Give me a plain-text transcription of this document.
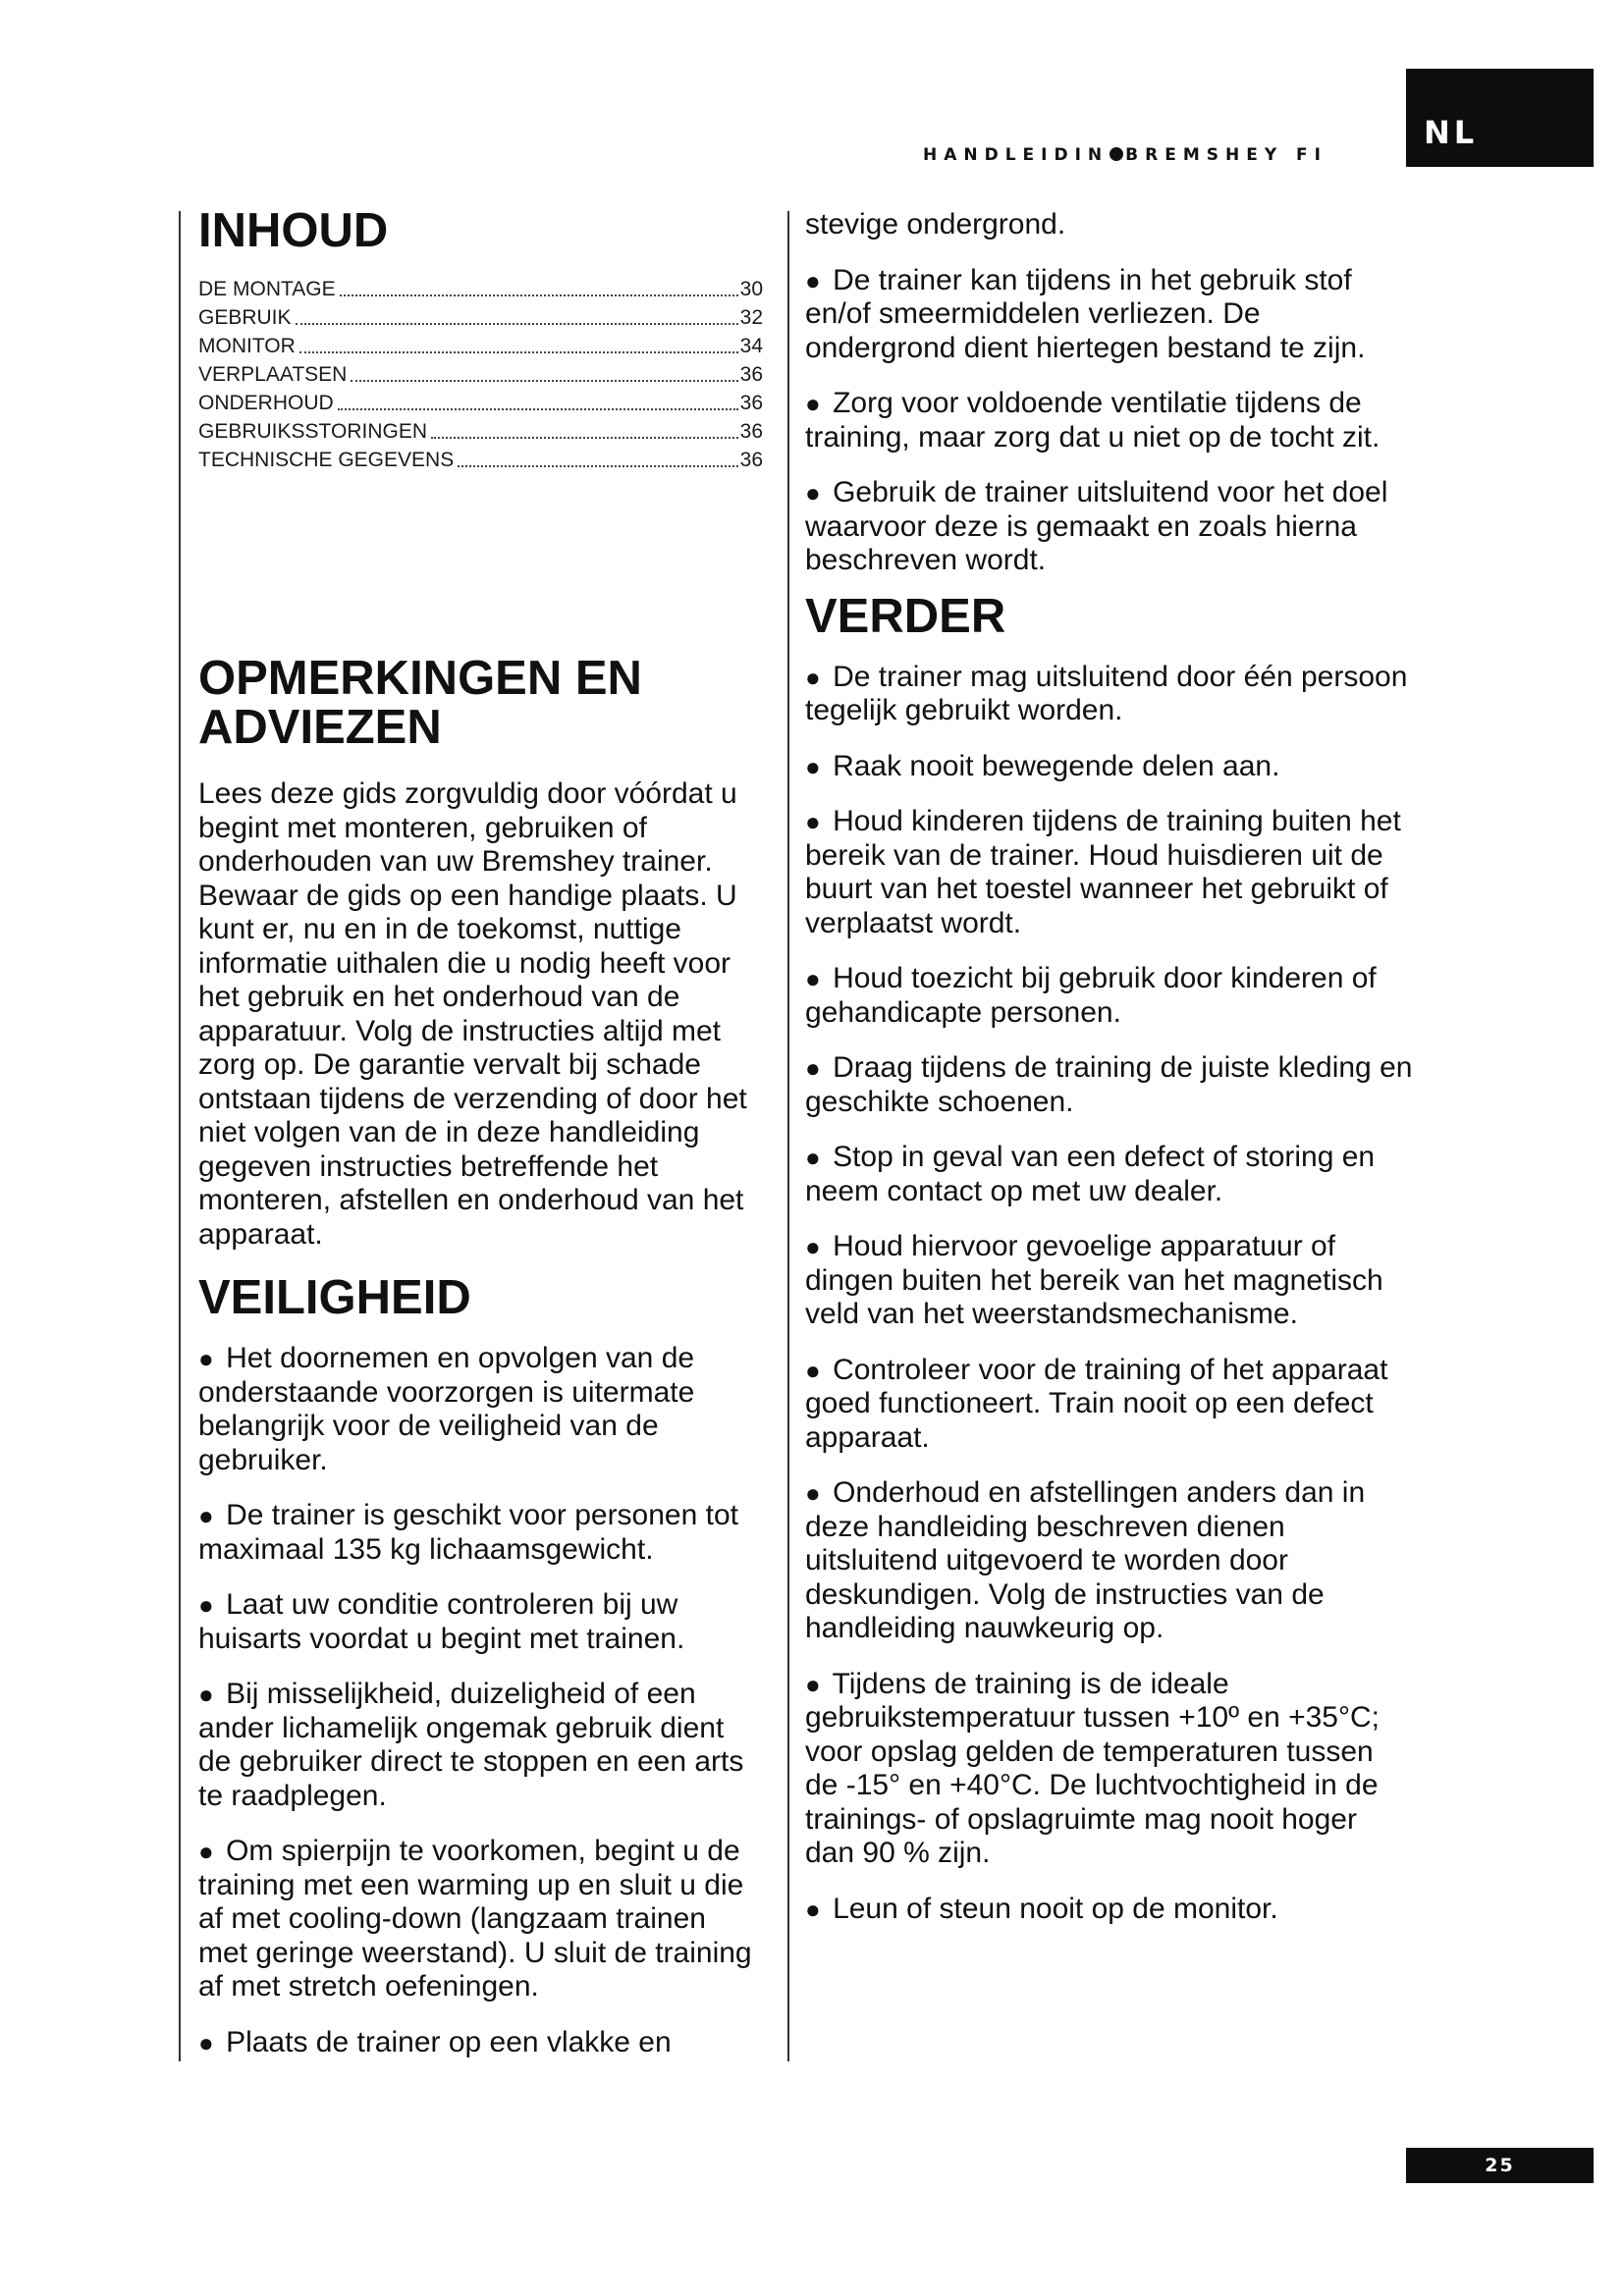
HANDLEIDIN BREMSHEY FI
NL
INHOUD
DE MONTAGE	30
GEBRUIK	32
MONITOR	34
VERPLAATSEN	36
ONDERHOUD	36
GEBRUIKSSTORINGEN	36
TECHNISCHE GEGEVENS	36
OPMERKINGEN EN ADVIEZEN

Lees deze gids zorgvuldig door vóórdat u begint met monteren, gebruiken of onderhouden van uw Bremshey trainer. Bewaar de gids op een handige plaats. U kunt er, nu en in de toekomst, nuttige informatie uithalen die u nodig heeft voor het gebruik en het onderhoud van de apparatuur. Volg de instructies altijd met zorg op. De garantie vervalt bij schade ontstaan tijdens de verzending of door het niet volgen van de in deze handleiding gegeven instructies betreffende het monteren, afstellen en onderhoud van het apparaat.

VEILIGHEID

● Het doornemen en opvolgen van de onderstaande voorzorgen is uitermate belangrijk voor de veiligheid van de gebruiker.

● De trainer is geschikt voor personen tot maximaal 135 kg lichaamsgewicht.

● Laat uw conditie controleren bij uw huisarts voordat u begint met trainen.

● Bij misselijkheid, duizeligheid of een ander lichamelijk ongemak gebruik dient de gebruiker direct te stoppen en een arts te raadplegen.

● Om spierpijn te voorkomen, begint u de training met een warming up en sluit u die af met cooling-down (langzaam trainen met geringe weerstand). U sluit de training af met stretch oefeningen.

● Plaats de trainer op een vlakke en

stevige ondergrond.

● De trainer kan tijdens in het gebruik stof en/of smeermiddelen verliezen. De ondergrond dient hiertegen bestand te zijn.

● Zorg voor voldoende ventilatie tijdens de training, maar zorg dat u niet op de tocht zit.

● Gebruik de trainer uitsluitend voor het doel waarvoor deze is gemaakt en zoals hierna beschreven wordt.

VERDER

● De trainer mag uitsluitend door één persoon tegelijk gebruikt worden.

● Raak nooit bewegende delen aan.

● Houd kinderen tijdens de training buiten het bereik van de trainer. Houd huisdieren uit de buurt van het toestel wanneer het gebruikt of verplaatst wordt.

● Houd toezicht bij gebruik door kinderen of gehandicapte personen.

● Draag tijdens de training de juiste kleding en geschikte schoenen.

● Stop in geval van een defect of storing en neem contact op met uw dealer.

● Houd hiervoor gevoelige apparatuur of dingen buiten het bereik van het magnetisch veld van het weerstandsmechanisme.

● Controleer voor de training of het apparaat goed functioneert. Train nooit op een defect apparaat.

● Onderhoud en afstellingen anders dan in deze handleiding beschreven dienen uitsluitend uitgevoerd te worden door deskundigen. Volg de instructies van de handleiding nauwkeurig op.

● Tijdens de training is de ideale gebruikstemperatuur tussen +10º en +35°C; voor opslag gelden de temperaturen tussen de -15° en +40°C. De luchtvochtigheid in de trainings- of opslagruimte mag nooit hoger dan 90 % zijn.

● Leun of steun nooit op de monitor.

25
